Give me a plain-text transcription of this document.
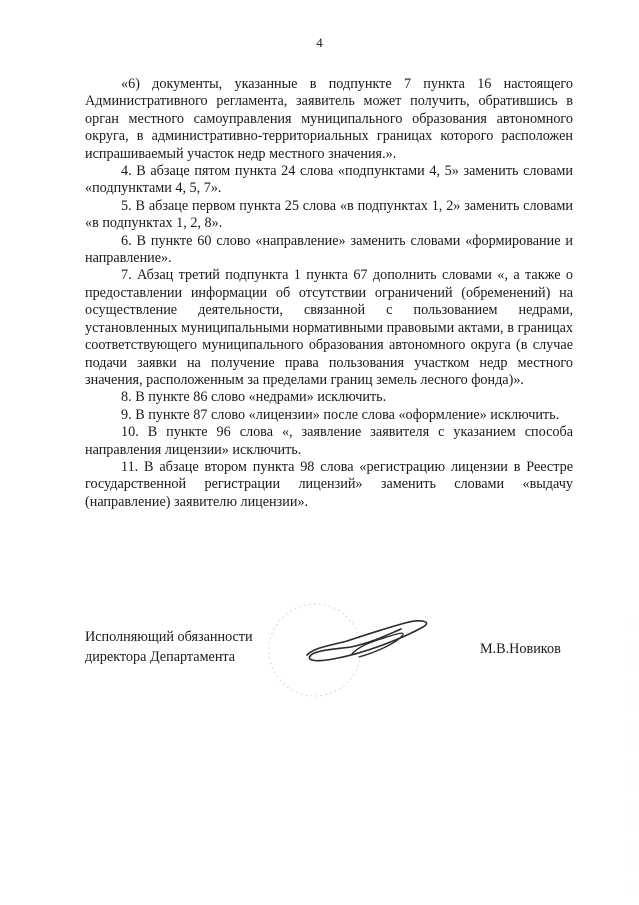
4

«6) документы, указанные в подпункте 7 пункта 16 настоящего Административного регламента, заявитель может получить, обратившись в орган местного самоуправления муниципального образования автономного округа, в административно-территориальных границах которого расположен испрашиваемый участок недр местного значения.».

4. В абзаце пятом пункта 24 слова «подпунктами 4, 5» заменить словами «подпунктами 4, 5, 7».

5. В абзаце первом пункта 25 слова «в подпунктах 1, 2» заменить словами «в подпунктах 1, 2, 8».

6. В пункте 60 слово «направление» заменить словами «формирование и направление».

7. Абзац третий подпункта 1 пункта 67 дополнить словами «, а также о предоставлении информации об отсутствии ограничений (обременений) на осуществление деятельности, связанной с пользованием недрами, установленных муниципальными нормативными правовыми актами, в границах соответствующего муниципального образования автономного округа (в случае подачи заявки на получение права пользования участком недр местного значения, расположенным за пределами границ земель лесного фонда)».

8. В пункте 86 слово «недрами» исключить.

9. В пункте 87 слово «лицензии» после слова «оформление» исключить.

10. В пункте 96 слова «, заявление заявителя с указанием способа направления лицензии» исключить.

11. В абзаце втором пункта 98 слова «регистрацию лицензии в Реестре государственной регистрации лицензий» заменить словами «выдачу (направление) заявителю лицензии».

Исполняющий обязанности
директора Департамента	М.В.Новиков
